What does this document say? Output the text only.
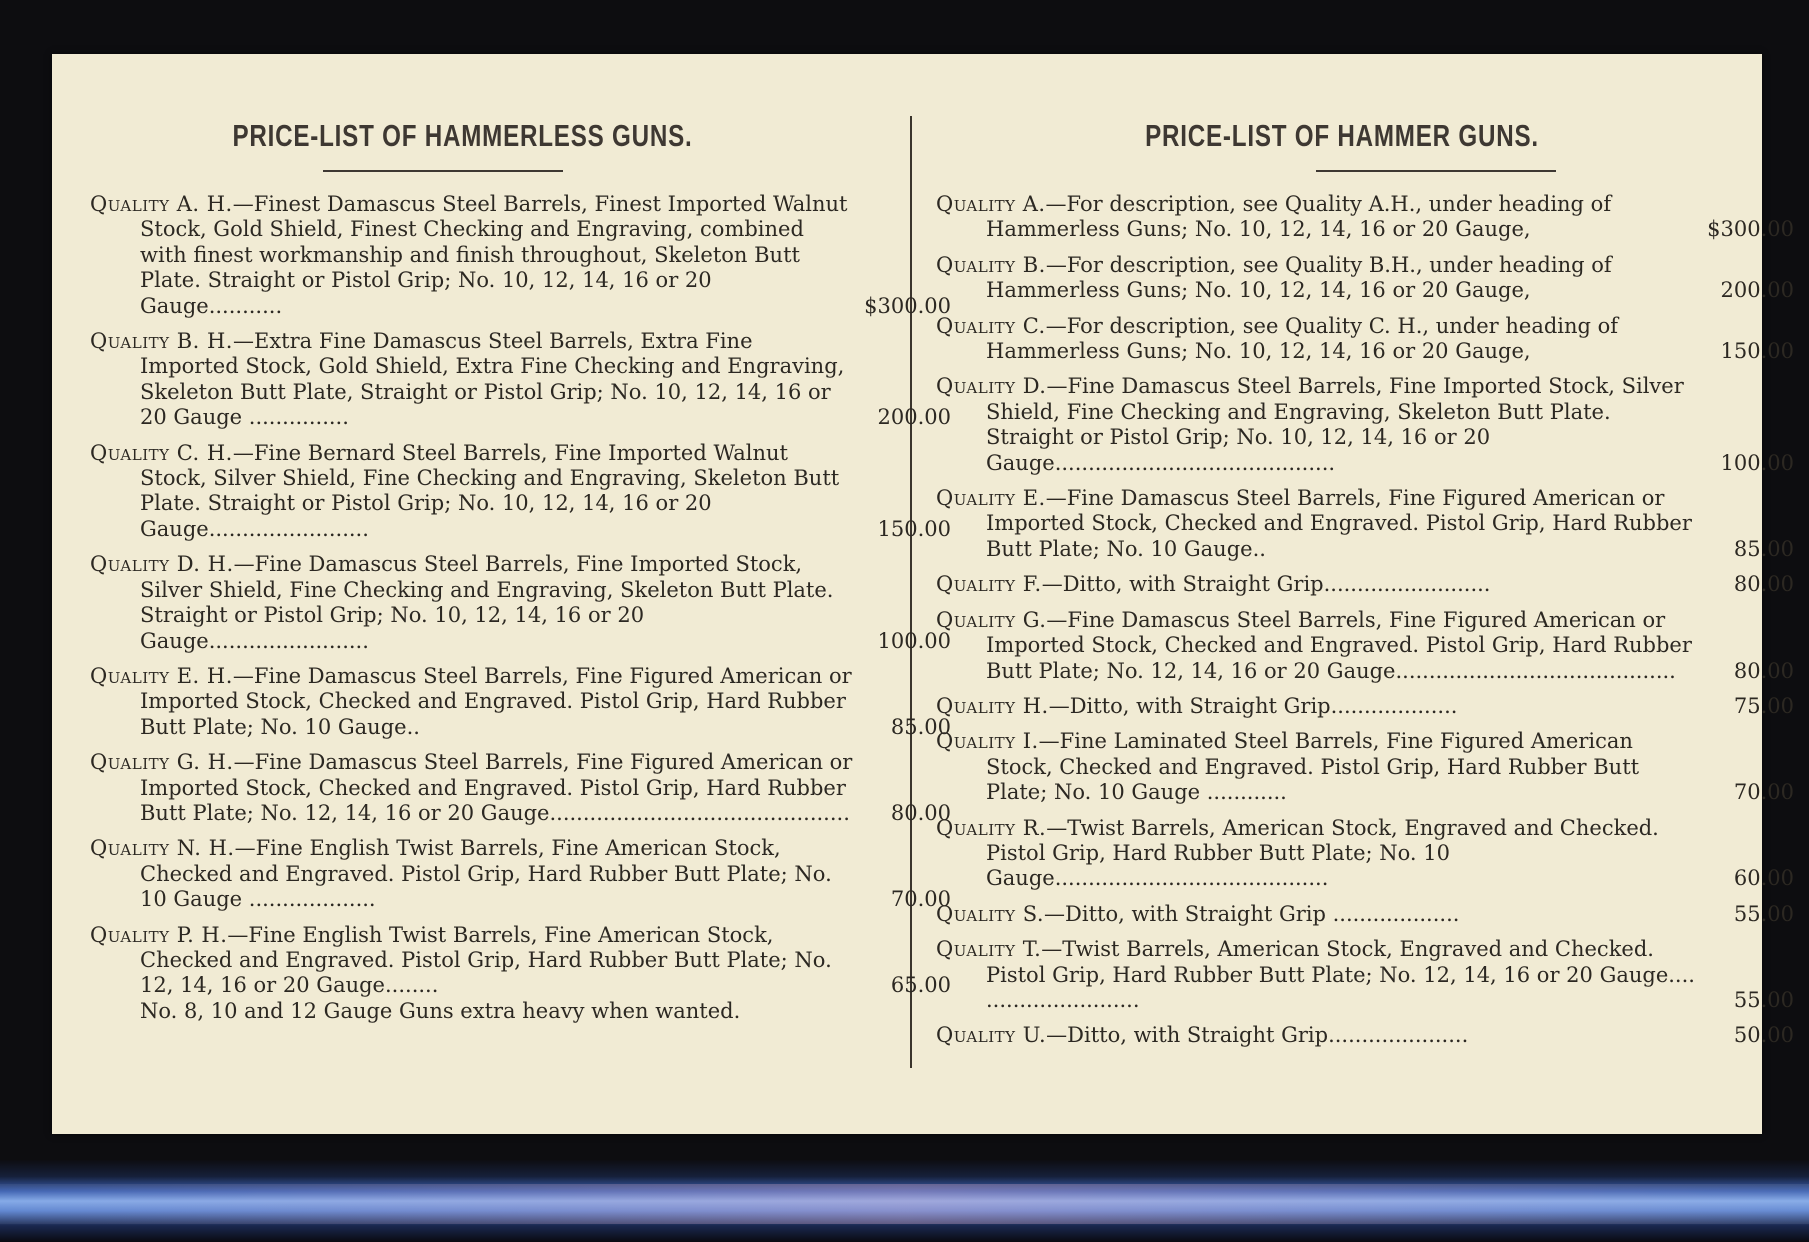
PRICE-LIST OF HAMMERLESS GUNS.
Quality A. H.—Finest Damascus Steel Barrels, Finest Imported Walnut Stock, Gold Shield, Finest Checking and Engraving, combined with finest workmanship and finish throughout, Skeleton Butt Plate. Straight or Pistol Grip; No. 10, 12, 14, 16 or 20 Gauge...........	$300.00
Quality B. H.—Extra Fine Damascus Steel Barrels, Extra Fine Imported Stock, Gold Shield, Extra Fine Checking and Engraving, Skeleton Butt Plate, Straight or Pistol Grip; No. 10, 12, 14, 16 or 20 Gauge ...............	200.00
Quality C. H.—Fine Bernard Steel Barrels, Fine Imported Walnut Stock, Silver Shield, Fine Checking and Engraving, Skeleton Butt Plate. Straight or Pistol Grip; No. 10, 12, 14, 16 or 20 Gauge........................	150.00
Quality D. H.—Fine Damascus Steel Barrels, Fine Imported Stock, Silver Shield, Fine Checking and Engraving, Skeleton Butt Plate. Straight or Pistol Grip; No. 10, 12, 14, 16 or 20 Gauge........................	100.00
Quality E. H.—Fine Damascus Steel Barrels, Fine Figured American or Imported Stock, Checked and Engraved. Pistol Grip, Hard Rubber Butt Plate; No. 10 Gauge..	85.00
Quality G. H.—Fine Damascus Steel Barrels, Fine Figured American or Imported Stock, Checked and Engraved. Pistol Grip, Hard Rubber Butt Plate; No. 12, 14, 16 or 20 Gauge.............................................	80.00
Quality N. H.—Fine English Twist Barrels, Fine American Stock, Checked and Engraved. Pistol Grip, Hard Rubber Butt Plate; No. 10 Gauge ...................	70.00
Quality P. H.—Fine English Twist Barrels, Fine American Stock, Checked and Engraved. Pistol Grip, Hard Rubber Butt Plate; No. 12, 14, 16 or 20 Gauge........	65.00
No. 8, 10 and 12 Gauge Guns extra heavy when wanted.
PRICE-LIST OF HAMMER GUNS.
Quality A.—For description, see Quality A.H., under heading of Hammerless Guns; No. 10, 12, 14, 16 or 20 Gauge,	$300.00
Quality B.—For description, see Quality B.H., under heading of Hammerless Guns; No. 10, 12, 14, 16 or 20 Gauge,	200.00
Quality C.—For description, see Quality C. H., under heading of Hammerless Guns; No. 10, 12, 14, 16 or 20 Gauge,	150.00
Quality D.—Fine Damascus Steel Barrels, Fine Imported Stock, Silver Shield, Fine Checking and Engraving, Skeleton Butt Plate. Straight or Pistol Grip; No. 10, 12, 14, 16 or 20 Gauge..........................................	100.00
Quality E.—Fine Damascus Steel Barrels, Fine Figured American or Imported Stock, Checked and Engraved. Pistol Grip, Hard Rubber Butt Plate; No. 10 Gauge..	85.00
Quality F.—Ditto, with Straight Grip.........................	80.00
Quality G.—Fine Damascus Steel Barrels, Fine Figured American or Imported Stock, Checked and Engraved. Pistol Grip, Hard Rubber Butt Plate; No. 12, 14, 16 or 20 Gauge..........................................	80.00
Quality H.—Ditto, with Straight Grip...................	75.00
Quality I.—Fine Laminated Steel Barrels, Fine Figured American Stock, Checked and Engraved. Pistol Grip, Hard Rubber Butt Plate; No. 10 Gauge ............	70.00
Quality R.—Twist Barrels, American Stock, Engraved and Checked. Pistol Grip, Hard Rubber Butt Plate; No. 10 Gauge.........................................	60.00
Quality S.—Ditto, with Straight Grip ...................	55.00
Quality T.—Twist Barrels, American Stock, Engraved and Checked. Pistol Grip, Hard Rubber Butt Plate; No. 12, 14, 16 or 20 Gauge.... .......................	55.00
Quality U.—Ditto, with Straight Grip.....................	50.00
